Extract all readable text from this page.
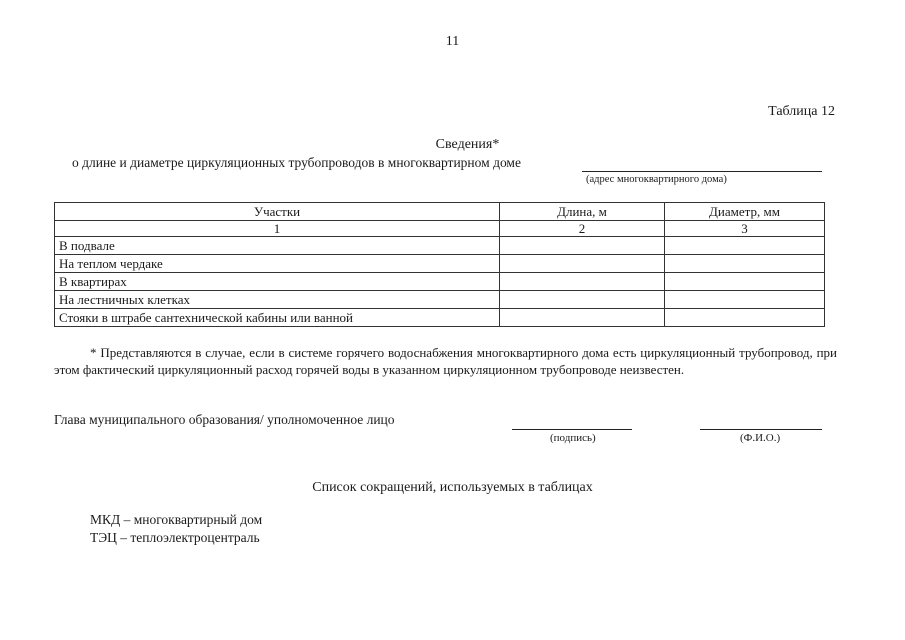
11
Таблица 12
Сведения*
о длине и диаметре циркуляционных трубопроводов в многоквартирном доме
(адрес многоквартирного дома)
Участки	Длина, м	Диаметр, мм
1	2	3
В подвале		
На теплом чердаке		
В квартирах		
На лестничных клетках		
Стояки в штрабе сантехнической кабины или ванной		
* Представляются в случае, если в системе горячего водоснабжения многоквартирного дома есть циркуляционный трубопровод, при этом фактический циркуляционный расход горячей воды в указанном циркуляционном трубопроводе неизвестен.
Глава муниципального образования/ уполномоченное лицо
(подпись)	(Ф.И.О.)
Список сокращений, используемых в таблицах
МКД – многоквартирный дом
ТЭЦ – теплоэлектроцентраль
